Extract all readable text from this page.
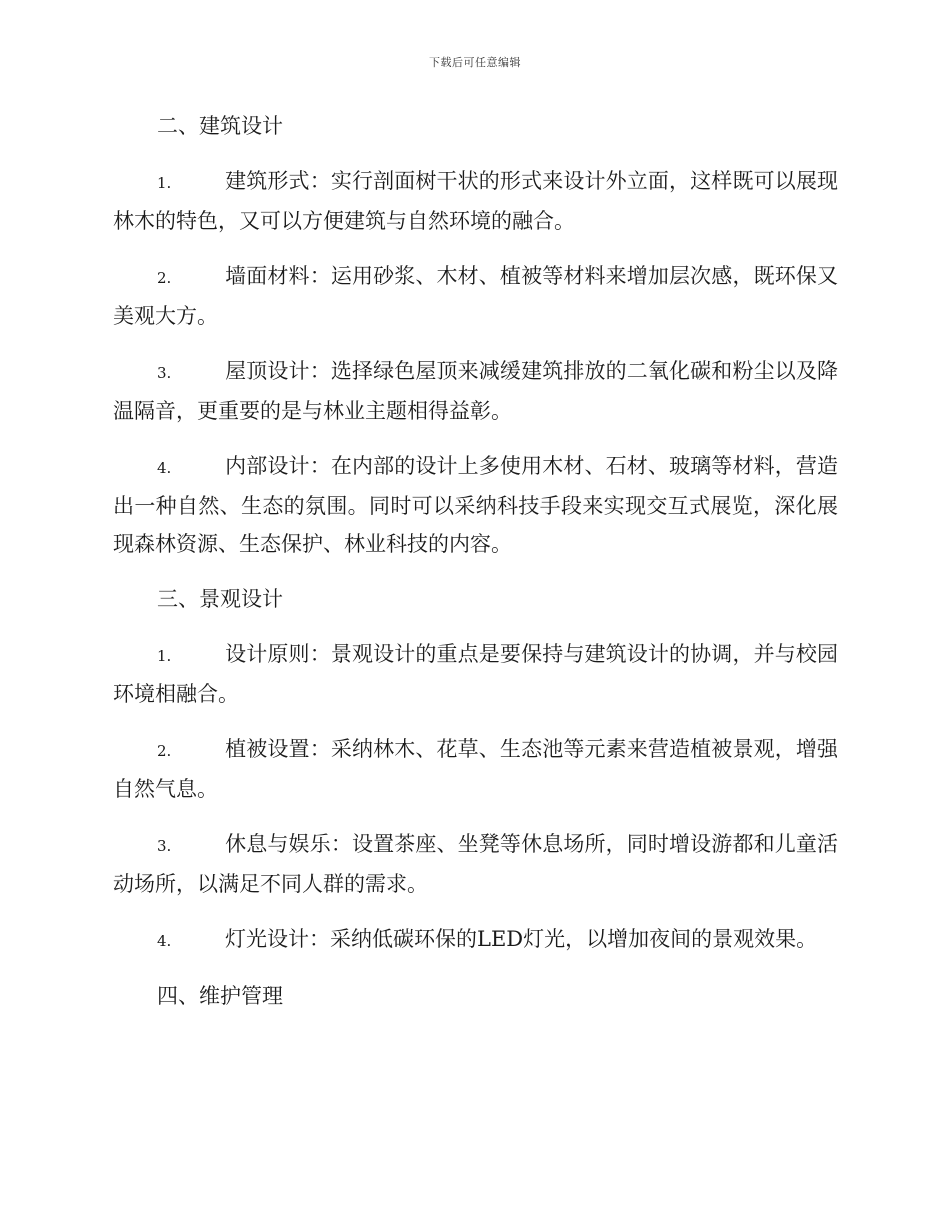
下载后可任意编辑

二、建筑设计

1.	建筑形式：实行剖面树干状的形式来设计外立面，这样既可以展现林木的特色，又可以方便建筑与自然环境的融合。

2.	墙面材料：运用砂浆、木材、植被等材料来增加层次感，既环保又美观大方。

3.	屋顶设计：选择绿色屋顶来减缓建筑排放的二氧化碳和粉尘以及降温隔音，更重要的是与林业主题相得益彰。

4.	内部设计：在内部的设计上多使用木材、石材、玻璃等材料，营造出一种自然、生态的氛围。同时可以采纳科技手段来实现交互式展览，深化展现森林资源、生态保护、林业科技的内容。

三、景观设计

1.	设计原则：景观设计的重点是要保持与建筑设计的协调，并与校园环境相融合。

2.	植被设置：采纳林木、花草、生态池等元素来营造植被景观，增强自然气息。

3.	休息与娱乐：设置茶座、坐凳等休息场所，同时增设游都和儿童活动场所，以满足不同人群的需求。

4.	灯光设计：采纳低碳环保的LED灯光，以增加夜间的景观效果。

四、维护管理
